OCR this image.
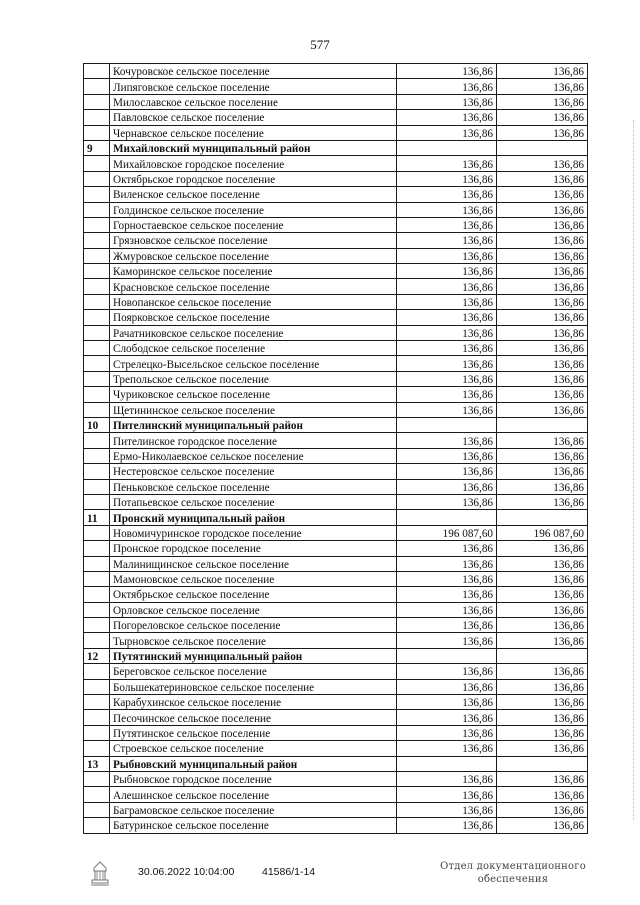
577
	Кочуровское сельское поселение	136,86	136,86
	Липяговское сельское поселение	136,86	136,86
	Милославское сельское поселение	136,86	136,86
	Павловское сельское поселение	136,86	136,86
	Чернавское сельское поселение	136,86	136,86
9	Михайловский муниципальный район		
	Михайловское городское поселение	136,86	136,86
	Октябрьское городское поселение	136,86	136,86
	Виленское сельское поселение	136,86	136,86
	Голдинское сельское поселение	136,86	136,86
	Горностаевское сельское поселение	136,86	136,86
	Грязновское сельское поселение	136,86	136,86
	Жмуровское сельское поселение	136,86	136,86
	Каморинское сельское поселение	136,86	136,86
	Красновское сельское поселение	136,86	136,86
	Новопанское сельское поселение	136,86	136,86
	Поярковское сельское поселение	136,86	136,86
	Рачатниковское сельское поселение	136,86	136,86
	Слободское сельское поселение	136,86	136,86
	Стрелецко-Высельское сельское поселение	136,86	136,86
	Трепольское сельское поселение	136,86	136,86
	Чуриковское сельское поселение	136,86	136,86
	Щетининское сельское поселение	136,86	136,86
10	Пителинский муниципальный район		
	Пителинское городское поселение	136,86	136,86
	Ермо-Николаевское сельское поселение	136,86	136,86
	Нестеровское сельское поселение	136,86	136,86
	Пеньковское сельское поселение	136,86	136,86
	Потапьевское сельское поселение	136,86	136,86
11	Пронский муниципальный район		
	Новомичуринское городское поселение	196 087,60	196 087,60
	Пронское городское поселение	136,86	136,86
	Малинищинское сельское поселение	136,86	136,86
	Мамоновское сельское поселение	136,86	136,86
	Октябрьское сельское поселение	136,86	136,86
	Орловское сельское поселение	136,86	136,86
	Погореловское сельское поселение	136,86	136,86
	Тырновское сельское поселение	136,86	136,86
12	Путятинский муниципальный район		
	Береговское сельское поселение	136,86	136,86
	Большекатериновское сельское поселение	136,86	136,86
	Карабухинское сельское поселение	136,86	136,86
	Песочинское сельское поселение	136,86	136,86
	Путятинское сельское поселение	136,86	136,86
	Строевское сельское поселение	136,86	136,86
13	Рыбновский муниципальный район		
	Рыбновское городское поселение	136,86	136,86
	Алешинское сельское поселение	136,86	136,86
	Баграмовское сельское поселение	136,86	136,86
	Батуринское сельское поселение	136,86	136,86
30.06.2022 10:04:00	41586/1-14	Отдел документационного
обеспечения
